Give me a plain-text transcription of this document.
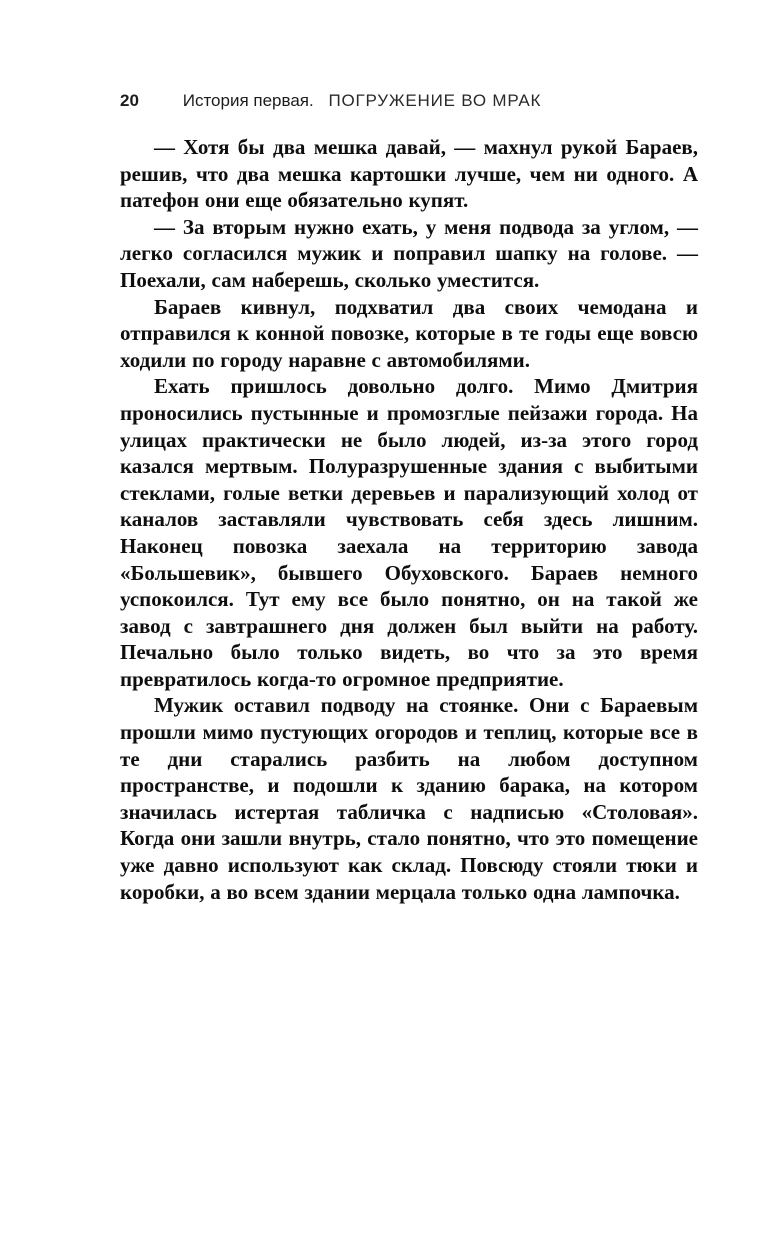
20	История первая. ПОГРУЖЕНИЕ ВО МРАК

— Хотя бы два мешка давай, — махнул рукой Бараев, решив, что два мешка картошки лучше, чем ни одного. А патефон они еще обязательно купят.

— За вторым нужно ехать, у меня подвода за углом, — легко согласился мужик и поправил шапку на голове. — Поехали, сам наберешь, сколько уместится.

Бараев кивнул, подхватил два своих чемодана и отправился к конной повозке, которые в те годы еще вовсю ходили по городу наравне с автомобилями.

Ехать пришлось довольно долго. Мимо Дмитрия проносились пустынные и промозглые пейзажи города. На улицах практически не было людей, из-за этого город казался мертвым. Полуразрушенные здания с выбитыми стеклами, голые ветки деревьев и парализующий холод от каналов заставляли чувствовать себя здесь лишним. Наконец повозка заехала на территорию завода «Большевик», бывшего Обуховского. Бараев немного успокоился. Тут ему все было понятно, он на такой же завод с завтрашнего дня должен был выйти на работу. Печально было только видеть, во что за это время превратилось когда-то огромное предприятие.

Мужик оставил подводу на стоянке. Они с Бараевым прошли мимо пустующих огородов и теплиц, которые все в те дни старались разбить на любом доступном пространстве, и подошли к зданию барака, на котором значилась истертая табличка с надписью «Столовая». Когда они зашли внутрь, стало понятно, что это помещение уже давно используют как склад. Повсюду стояли тюки и коробки, а во всем здании мерцала только одна лампочка.
